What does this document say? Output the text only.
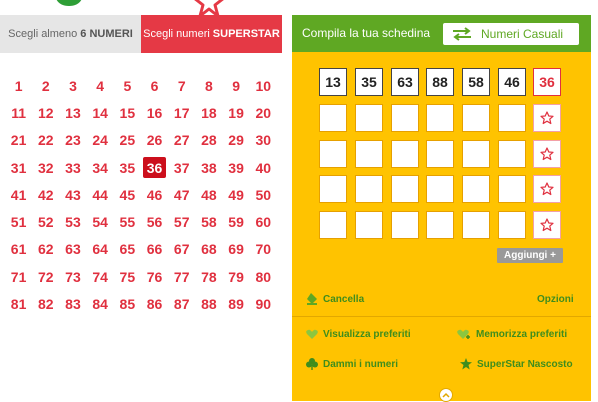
Scegli almeno 6 NUMERI Scegli numeri SUPERSTAR
1	2	3	4	5	6	7	8	9	10
11 12 13 14 15 16 17 18 19 20
21 22 23 24 25 26 27 28 29 30
31 32 33 34 35 36 37 38 39 40
41 42 43 44 45 46 47 48 49 50
51 52 53 54 55 56 57 58 59 60
61 62 63 64 65 66 67 68 69 70
71 72 73 74 75 76 77 78 79 80
81 82 83 84 85 86 87 88 89 90
Compila la tua schedina	Numeri Casuali
13	35	63	88	58	46	36
Aggiungi +
Cancella	Opzioni
Visualizza preferiti	Memorizza preferiti
Dammi i numeri	SuperStar Nascosto
